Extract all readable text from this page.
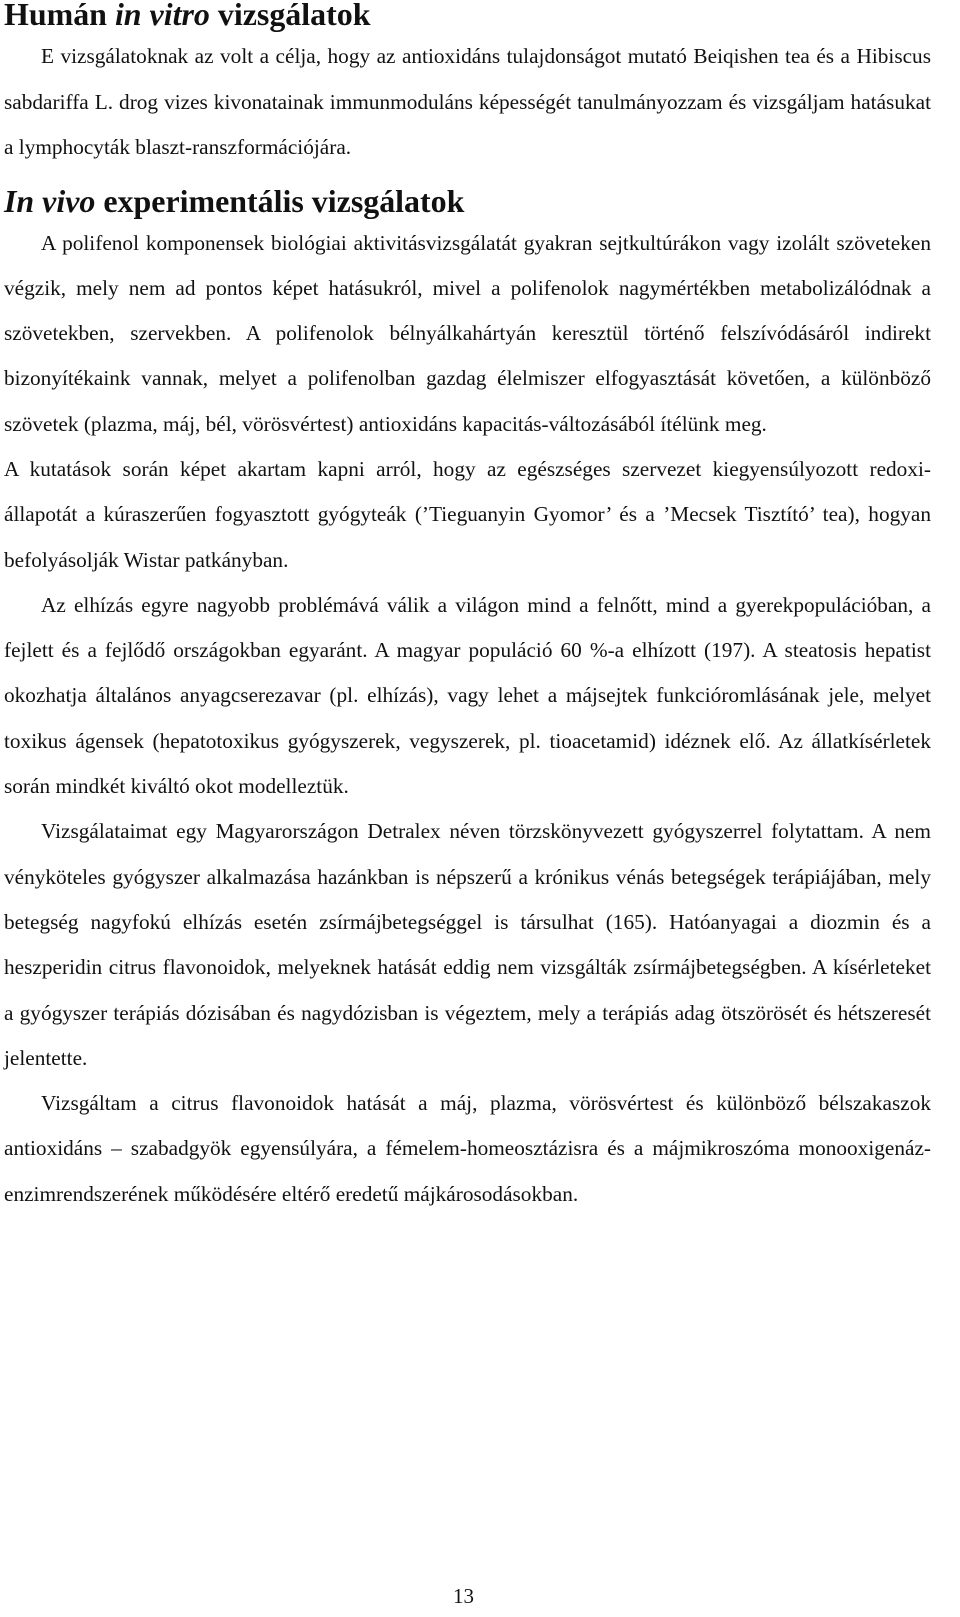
Humán in vitro vizsgálatok

E vizsgálatoknak az volt a célja, hogy az antioxidáns tulajdonságot mutató Beiqishen tea és a Hibiscus sabdariffa L. drog vizes kivonatainak immunmoduláns képességét tanulmányozzam és vizsgáljam hatásukat a lymphocyták blaszt-ranszformációjára.

In vivo experimentális vizsgálatok

A polifenol komponensek biológiai aktivitásvizsgálatát gyakran sejtkultúrákon vagy izolált szöveteken végzik, mely nem ad pontos képet hatásukról, mivel a polifenolok nagymértékben metabolizálódnak a szövetekben, szervekben. A polifenolok bélnyálkahártyán keresztül történő felszívódásáról indirekt bizonyítékaink vannak, melyet a polifenolban gazdag élelmiszer elfogyasztását követően, a különböző szövetek (plazma, máj, bél, vörösvértest) antioxidáns kapacitás-változásából ítélünk meg.

A kutatások során képet akartam kapni arról, hogy az egészséges szervezet kiegyensúlyozott redoxi-állapotát a kúraszerűen fogyasztott gyógyteák (’Tieguanyin Gyomor’ és a ’Mecsek Tisztító’ tea), hogyan befolyásolják Wistar patkányban.

Az elhízás egyre nagyobb problémává válik a világon mind a felnőtt, mind a gyerekpopulációban, a fejlett és a fejlődő országokban egyaránt. A magyar populáció 60 %-a elhízott (197). A steatosis hepatist okozhatja általános anyagcserezavar (pl. elhízás), vagy lehet a májsejtek funkcióromlásának jele, melyet toxikus ágensek (hepatotoxikus gyógyszerek, vegyszerek, pl. tioacetamid) idéznek elő. Az állatkísérletek során mindkét kiváltó okot modelleztük.

Vizsgálataimat egy Magyarországon Detralex néven törzskönyvezett gyógyszerrel folytattam. A nem vényköteles gyógyszer alkalmazása hazánkban is népszerű a krónikus vénás betegségek terápiájában, mely betegség nagyfokú elhízás esetén zsírmájbetegséggel is társulhat (165). Hatóanyagai a diozmin és a heszperidin citrus flavonoidok, melyeknek hatását eddig nem vizsgálták zsírmájbetegségben. A kísérleteket a gyógyszer terápiás dózisában és nagydózisban is végeztem, mely a terápiás adag ötszörösét és hétszeresét jelentette.

Vizsgáltam a citrus flavonoidok hatását a máj, plazma, vörösvértest és különböző bélszakaszok antioxidáns – szabadgyök egyensúlyára, a fémelem-homeosztázisra és a májmikroszóma monooxigenáz-enzimrendszerének működésére eltérő eredetű májkárosodásokban.

13
